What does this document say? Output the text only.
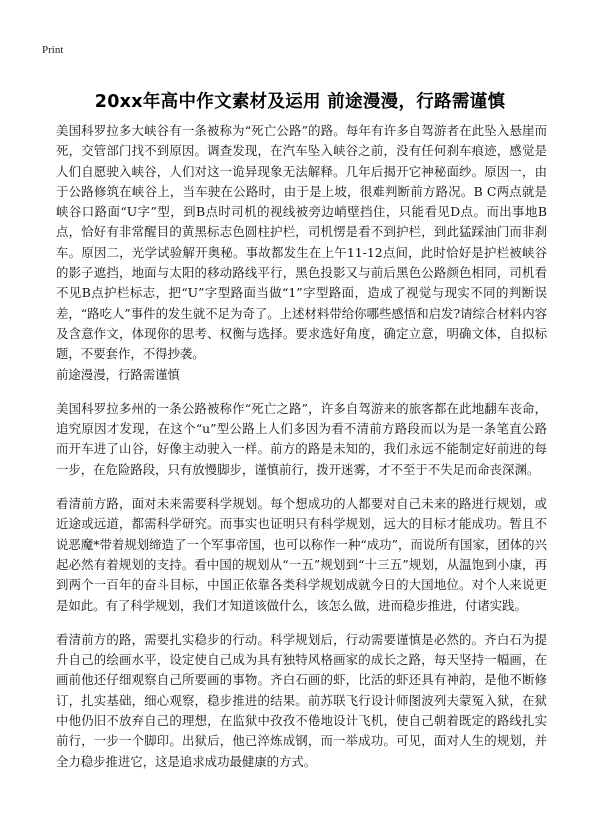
Print
20xx年高中作文素材及运用 前途漫漫，行路需谨慎

美国科罗拉多大峡谷有一条被称为“死亡公路”的路。每年有许多自驾游者在此坠入悬崖而死，交管部门找不到原因。调查发现，在汽车坠入峡谷之前，没有任何刹车痕迹，感觉是人们自愿驶入峡谷，人们对这一诡异现象无法解释。几年后揭开它神秘面纱。原因一，由于公路修筑在峡谷上，当车驶在公路时，由于是上坡，很难判断前方路况。B C两点就是峡谷口路面“U字”型，到B点时司机的视线被旁边峭壁挡住，只能看见D点。而出事地B点，恰好有非常醒目的黄黑标志色圆柱护栏，司机愣是看不到护栏，到此猛踩油门而非刹车。原因二，光学试验解开奥秘。事故都发生在上午11-12点间，此时恰好是护栏被峡谷的影子遮挡，地面与太阳的移动路线平行，黑色投影又与前后黑色公路颜色相同，司机看不见B点护栏标志，把“U”字型路面当做“1”字型路面，造成了视觉与现实不同的判断误差，“路吃人”事件的发生就不足为奇了。上述材料带给你哪些感悟和启发?请综合材料内容及含意作文，体现你的思考、权衡与选择。要求选好角度，确定立意，明确文体，自拟标题，不要套作，不得抄袭。

前途漫漫，行路需谨慎

美国科罗拉多州的一条公路被称作“死亡之路”，许多自驾游来的旅客都在此地翻车丧命，追究原因才发现，在这个“u”型公路上人们多因为看不清前方路段而以为是一条笔直公路而开车进了山谷，好像主动驶入一样。前方的路是未知的，我们永远不能制定好前进的每一步，在危险路段，只有放慢脚步，谨慎前行，拨开迷雾，才不至于不失足而命丧深渊。

看清前方路，面对未来需要科学规划。每个想成功的人都要对自己未来的路进行规划，或近途或远道，都需科学研究。而事实也证明只有科学规划，远大的目标才能成功。暂且不说恶魔*带着规划缔造了一个军事帝国，也可以称作一种“成功”，而说所有国家，团体的兴起必然有着规划的支持。看中国的规划从“一五”规划到“十三五”规划，从温饱到小康，再到两个一百年的奋斗目标，中国正依靠各类科学规划成就今日的大国地位。对个人来说更是如此。有了科学规划，我们才知道该做什么，该怎么做，进而稳步推进，付诸实践。

看清前方的路，需要扎实稳步的行动。科学规划后，行动需要谨慎是必然的。齐白石为提升自己的绘画水平，设定使自己成为具有独特风格画家的成长之路，每天坚持一幅画，在画前他还仔细观察自己所要画的事物。齐白石画的虾，比活的虾还具有神韵，是他不断修订，扎实基础，细心观察，稳步推进的结果。前苏联飞行设计师图波列夫蒙冤入狱，在狱中他仍旧不放弃自己的理想，在监狱中孜孜不倦地设计飞机，使自己朝着既定的路线扎实前行，一步一个脚印。出狱后，他已淬炼成钢，而一举成功。可见，面对人生的规划，并全力稳步推进它，这是追求成功最健康的方式。
